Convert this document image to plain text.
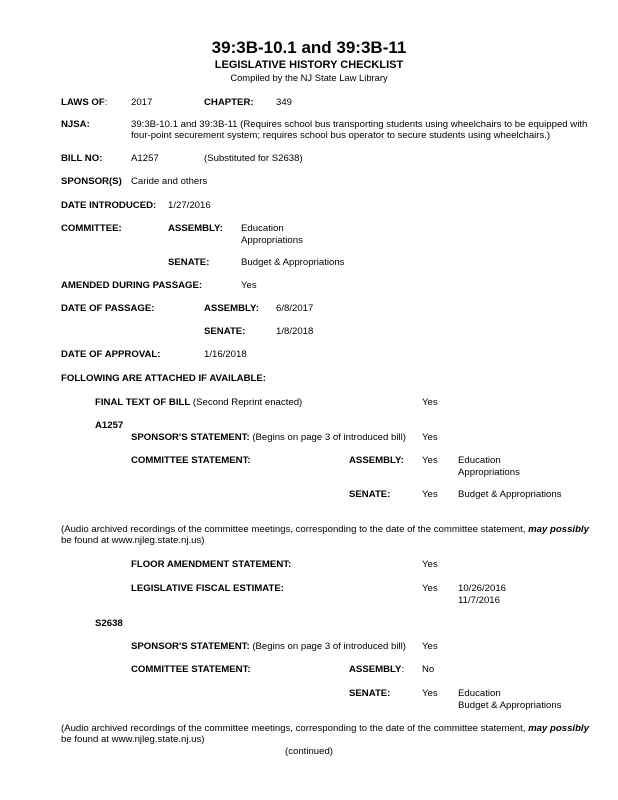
39:3B-10.1 and 39:3B-11
LEGISLATIVE HISTORY CHECKLIST
Compiled by the NJ State Law Library
LAWS OF: 2017	CHAPTER: 349
NJSA:	39:3B-10.1 and 39:3B-11 (Requires school bus transporting students using wheelchairs to be equipped with
four-point securement system; requires school bus operator to secure students using wheelchairs.)
BILL NO:	A1257	(Substituted for S2638)
SPONSOR(S) Caride and others
DATE INTRODUCED: 1/27/2016
COMMITTEE:	ASSEMBLY: Education
Appropriations
SENATE:	Budget & Appropriations
AMENDED DURING PASSAGE:	Yes
DATE OF PASSAGE:	ASSEMBLY: 6/8/2017
SENATE:	1/8/2018
DATE OF APPROVAL:	1/16/2018
FOLLOWING ARE ATTACHED IF AVAILABLE:
FINAL TEXT OF BILL (Second Reprint enacted)	Yes
A1257
SPONSOR'S STATEMENT: (Begins on page 3 of introduced bill) Yes
COMMITTEE STATEMENT:	ASSEMBLY: Yes Education
Appropriations
SENATE:	Yes Budget & Appropriations
(Audio archived recordings of the committee meetings, corresponding to the date of the committee statement, may possibly
be found at www.njleg.state.nj.us)
FLOOR AMENDMENT STATEMENT:	Yes
LEGISLATIVE FISCAL ESTIMATE:	Yes 10/26/2016
11/7/2016
S2638
SPONSOR'S STATEMENT: (Begins on page 3 of introduced bill) Yes
COMMITTEE STATEMENT:	ASSEMBLY: No
SENATE:	Yes Education
Budget & Appropriations
(Audio archived recordings of the committee meetings, corresponding to the date of the committee statement, may possibly
be found at www.njleg.state.nj.us)
(continued)
